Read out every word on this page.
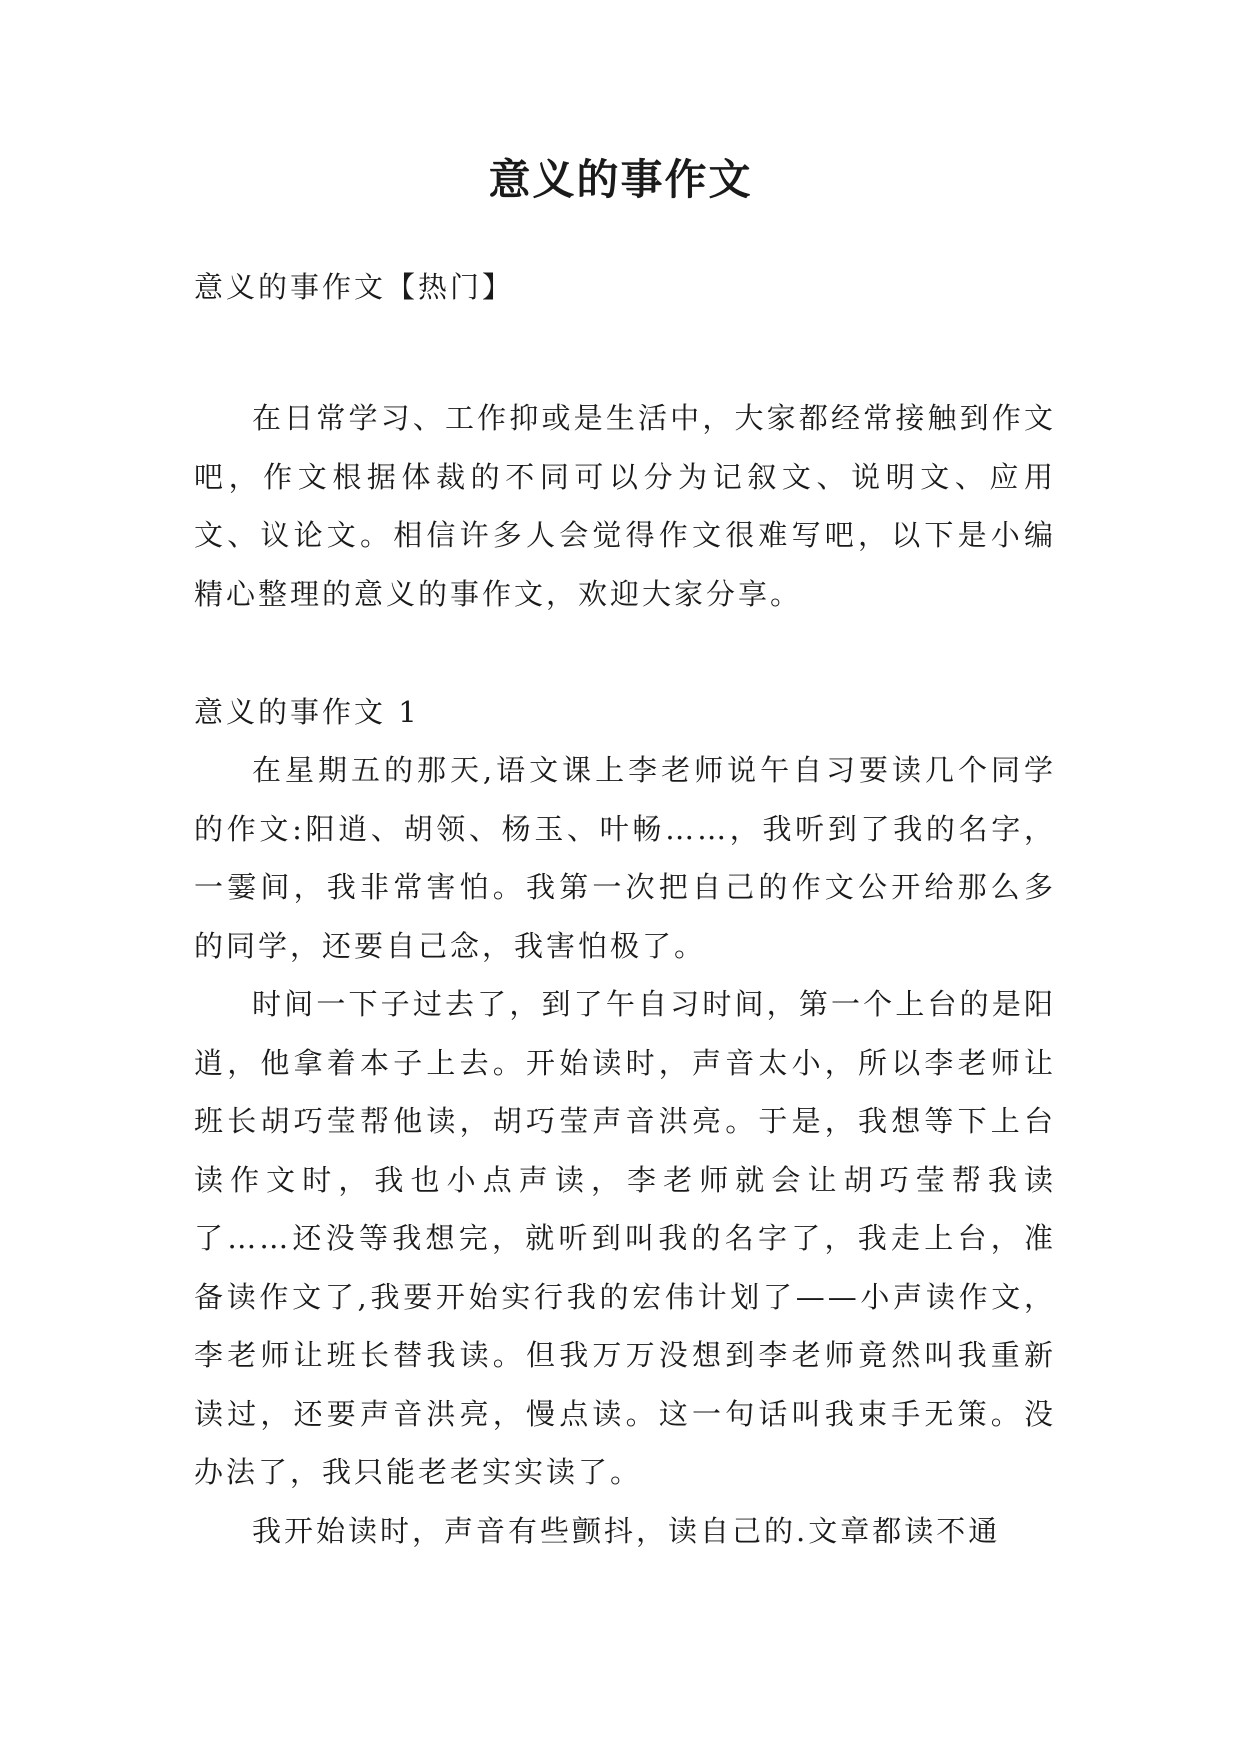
意义的事作文

意义的事作文【热门】

在日常学习、工作抑或是生活中，大家都经常接触到作文吧，作文根据体裁的不同可以分为记叙文、说明文、应用文、议论文。相信许多人会觉得作文很难写吧，以下是小编精心整理的意义的事作文，欢迎大家分享。

意义的事作文 1

在星期五的那天,语文课上李老师说午自习要读几个同学的作文:阳逍、胡领、杨玉、叶畅……，我听到了我的名字，一霎间，我非常害怕。我第一次把自己的作文公开给那么多的同学，还要自己念，我害怕极了。

时间一下子过去了，到了午自习时间，第一个上台的是阳逍，他拿着本子上去。开始读时，声音太小，所以李老师让班长胡巧莹帮他读，胡巧莹声音洪亮。于是，我想等下上台读作文时，我也小点声读，李老师就会让胡巧莹帮我读了……还没等我想完，就听到叫我的名字了，我走上台，准备读作文了,我要开始实行我的宏伟计划了——小声读作文，李老师让班长替我读。但我万万没想到李老师竟然叫我重新读过，还要声音洪亮，慢点读。这一句话叫我束手无策。没办法了，我只能老老实实读了。

我开始读时，声音有些颤抖，读自己的.文章都读不通
